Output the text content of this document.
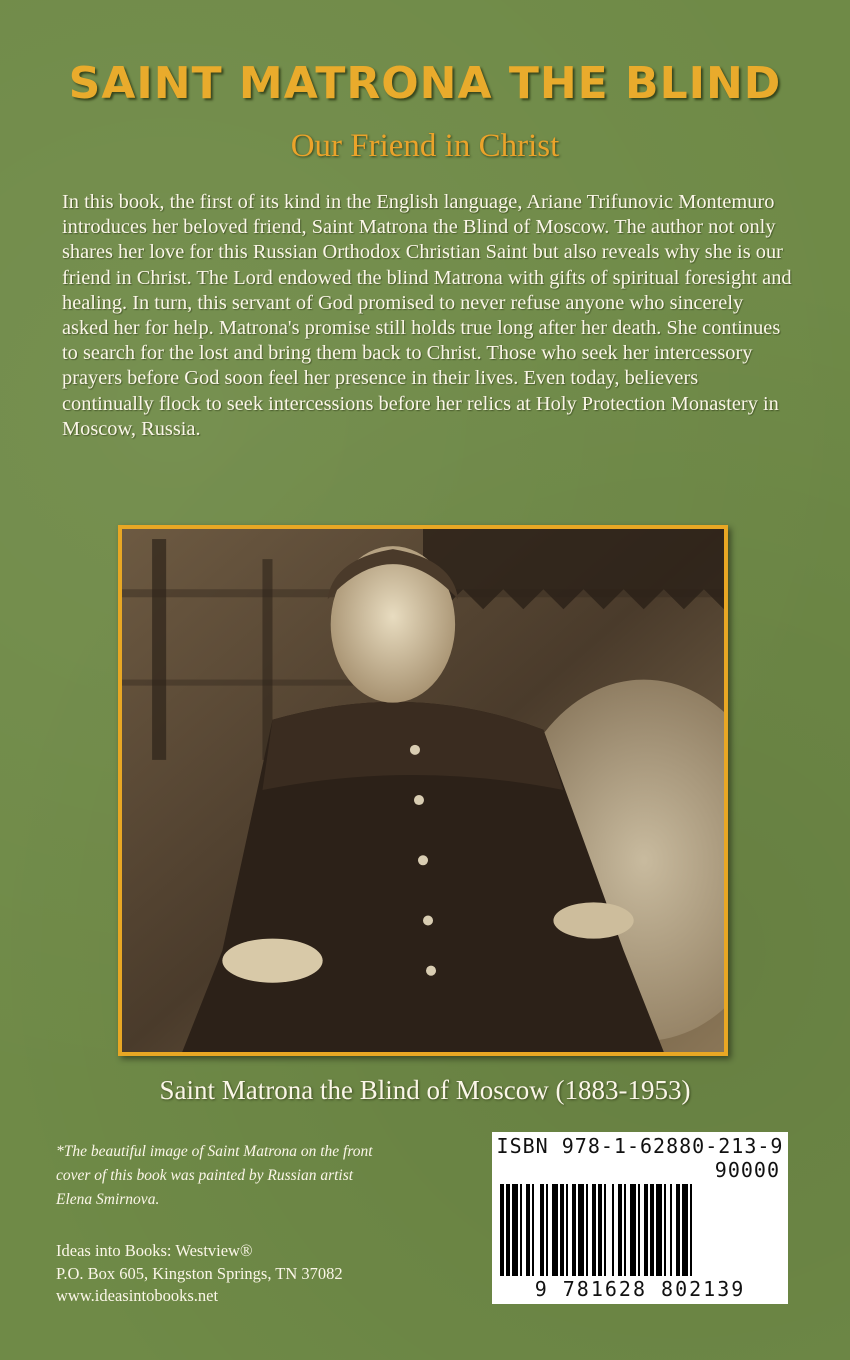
SAINT MATRONA THE BLIND
Our Friend in Christ

In this book, the first of its kind in the English language, Ariane Trifunovic Montemuro introduces her beloved friend, Saint Matrona the Blind of Moscow. The author not only shares her love for this Russian Orthodox Christian Saint but also reveals why she is our friend in Christ. The Lord endowed the blind Matrona with gifts of spiritual foresight and healing. In turn, this servant of God promised to never refuse anyone who sincerely asked her for help. Matrona's promise still holds true long after her death. She continues to search for the lost and bring them back to Christ. Those who seek her intercessory prayers before God soon feel her presence in their lives. Even today, believers continually flock to seek intercessions before her relics at Holy Protection Monastery in Moscow, Russia.

Saint Matrona the Blind of Moscow (1883-1953)

*The beautiful image of Saint Matrona on the front cover of this book was painted by Russian artist Elena Smirnova.

Ideas into Books: Westview®
P.O. Box 605, Kingston Springs, TN 37082
www.ideasintobooks.net
ISBN 978-1-62880-213-9
90000
9 781628 802139
